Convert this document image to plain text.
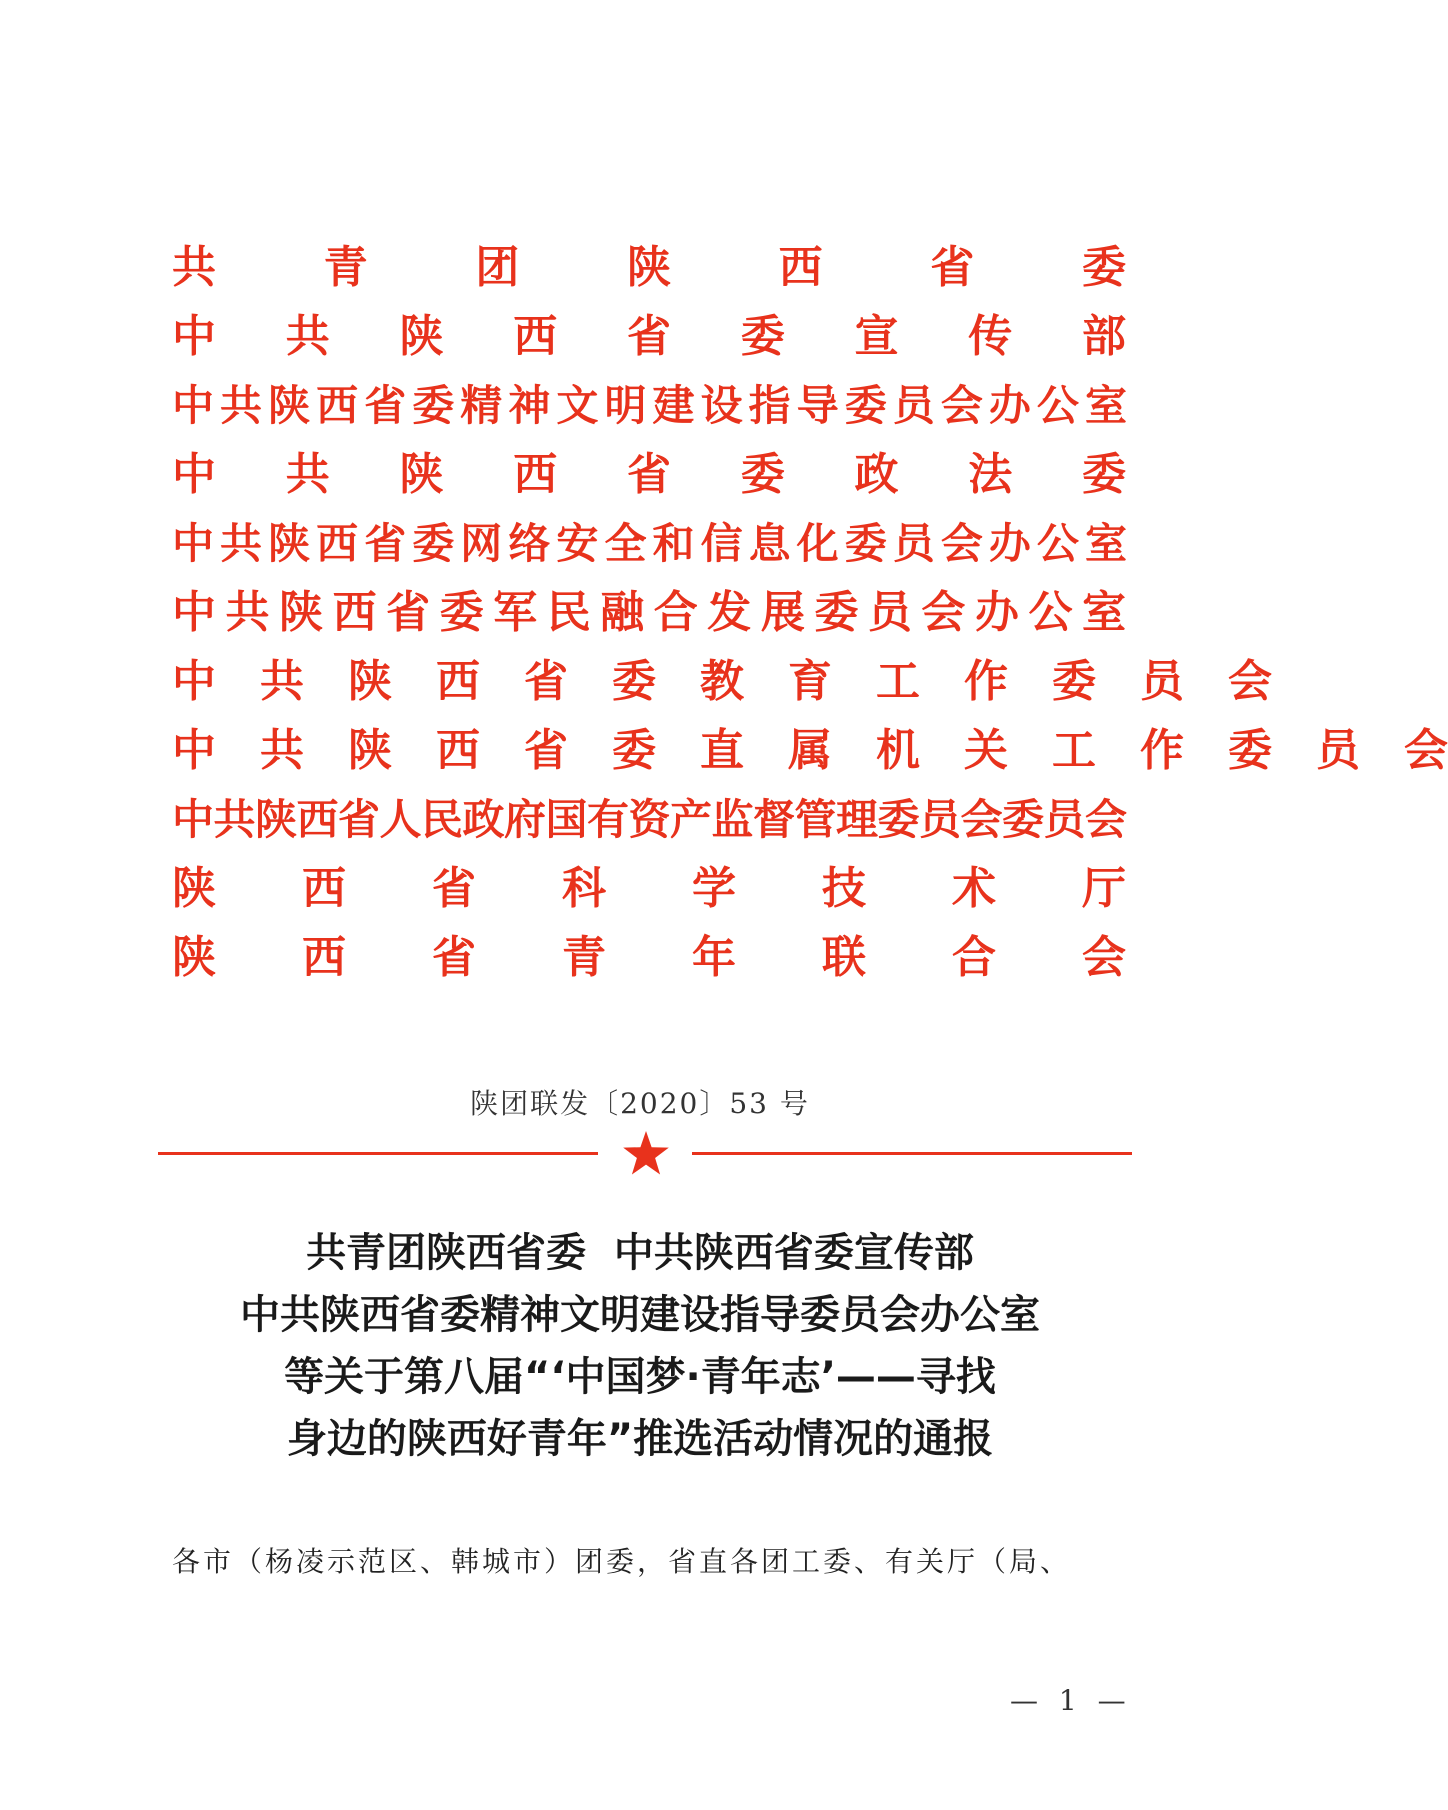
共　青　团　陕　西　省　委
中　共　陕　西　省　委　宣　传　部
中共陕西省委精神文明建设指导委员会办公室
中　共　陕　西　省　委　政　法　委
中共陕西省委网络安全和信息化委员会办公室
中共陕西省委军民融合发展委员会办公室
中　共　陕　西　省　委　教　育　工　作　委　员　会
中　共　陕　西　省　委　直　属　机　关　工　作　委　员　会
中共陕西省人民政府国有资产监督管理委员会委员会
陕　西　省　科　学　技　术　厅
陕　西　省　青　年　联　合　会
陕团联发〔2020〕53 号
共青团陕西省委  中共陕西省委宣传部
中共陕西省委精神文明建设指导委员会办公室
等关于第八届“‘中国梦·青年志’——寻找
身边的陕西好青年”推选活动情况的通报
各市（杨凌示范区、韩城市）团委，省直各团工委、有关厅（局、
— 1 —
